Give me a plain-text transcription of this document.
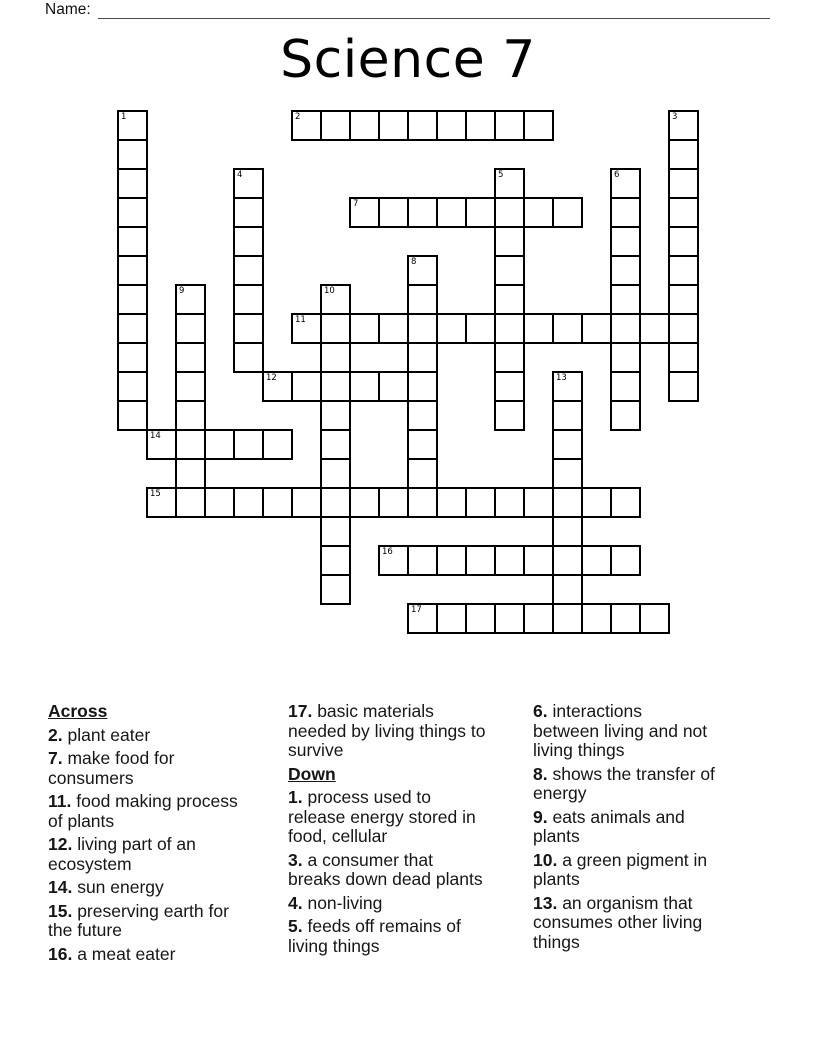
Name:
Science 7
1	2	3
4	5	6
7
8
9	10
11
12	13
14
15
16
17
Across
2. plant eater
7. make food for
consumers
11. food making process
of plants
12. living part of an
ecosystem
14. sun energy
15. preserving earth for
the future
16. a meat eater
17. basic materials
needed by living things to
survive
Down
1. process used to
release energy stored in
food, cellular
3. a consumer that
breaks down dead plants
4. non-living
5. feeds off remains of
living things
6. interactions
between living and not
living things
8. shows the transfer of
energy
9. eats animals and
plants
10. a green pigment in
plants
13. an organism that
consumes other living
things
